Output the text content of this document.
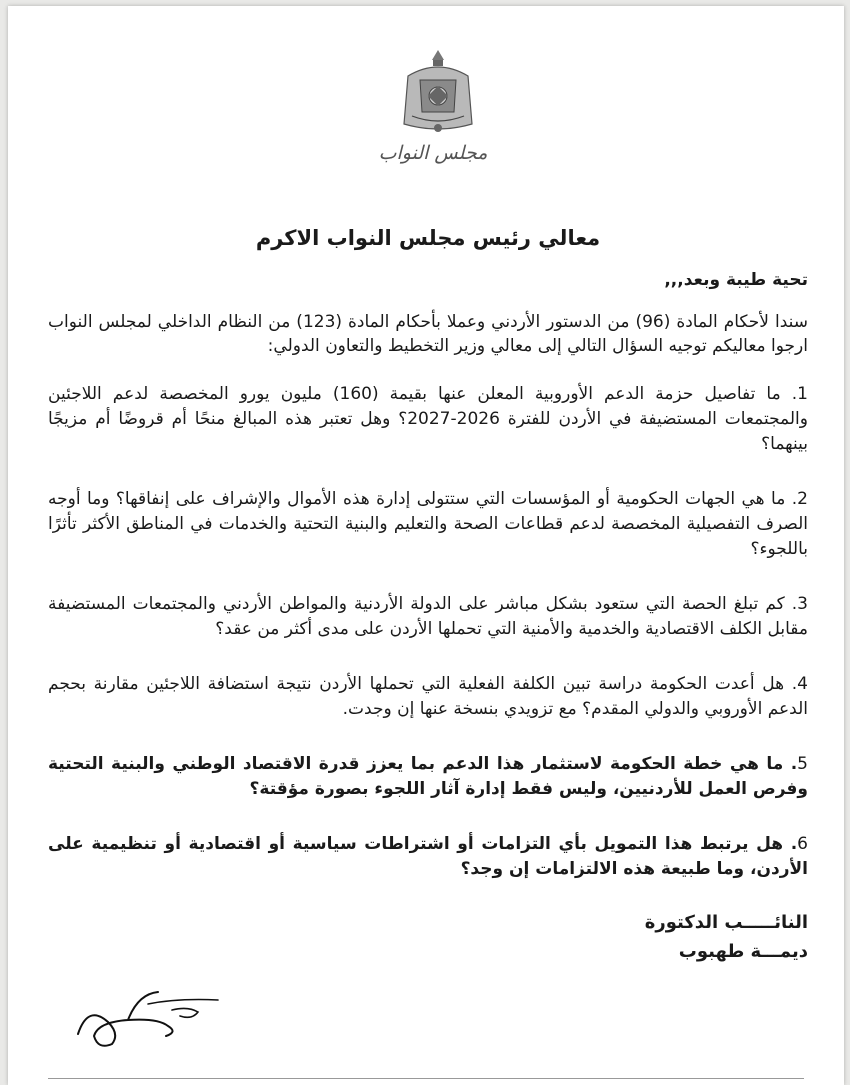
مجلس النواب
معالي رئيس مجلس النواب الاكرم
تحية طيبة وبعد,,,
سندا لأحكام المادة (96) من الدستور الأردني وعملا بأحكام المادة (123) من النظام الداخلي لمجلس النواب ارجوا معاليكم توجيه السؤال التالي إلى معالي وزير التخطيط والتعاون الدولي:
1. ما تفاصيل حزمة الدعم الأوروبية المعلن عنها بقيمة (160) مليون يورو المخصصة لدعم اللاجئين والمجتمعات المستضيفة في الأردن للفترة 2026-2027؟ وهل تعتبر هذه المبالغ منحًا أم قروضًا أم مزيجًا بينهما؟
2. ما هي الجهات الحكومية أو المؤسسات التي ستتولى إدارة هذه الأموال والإشراف على إنفاقها؟ وما أوجه الصرف التفصيلية المخصصة لدعم قطاعات الصحة والتعليم والبنية التحتية والخدمات في المناطق الأكثر تأثرًا باللجوء؟
3. كم تبلغ الحصة التي ستعود بشكل مباشر على الدولة الأردنية والمواطن الأردني والمجتمعات المستضيفة مقابل الكلف الاقتصادية والخدمية والأمنية التي تحملها الأردن على مدى أكثر من عقد؟
4. هل أعدت الحكومة دراسة تبين الكلفة الفعلية التي تحملها الأردن نتيجة استضافة اللاجئين مقارنة بحجم الدعم الأوروبي والدولي المقدم؟ مع تزويدي بنسخة عنها إن وجدت.
5. ما هي خطة الحكومة لاستثمار هذا الدعم بما يعزز قدرة الاقتصاد الوطني والبنية التحتية وفرص العمل للأردنيين، وليس فقط إدارة آثار اللجوء بصورة مؤقتة؟
6. هل يرتبط هذا التمويل بأي التزامات أو اشتراطات سياسية أو اقتصادية أو تنظيمية على الأردن، وما طبيعة هذه الالتزامات إن وجد؟
النائـــــب الدكتورة
ديمـــة طهبوب
